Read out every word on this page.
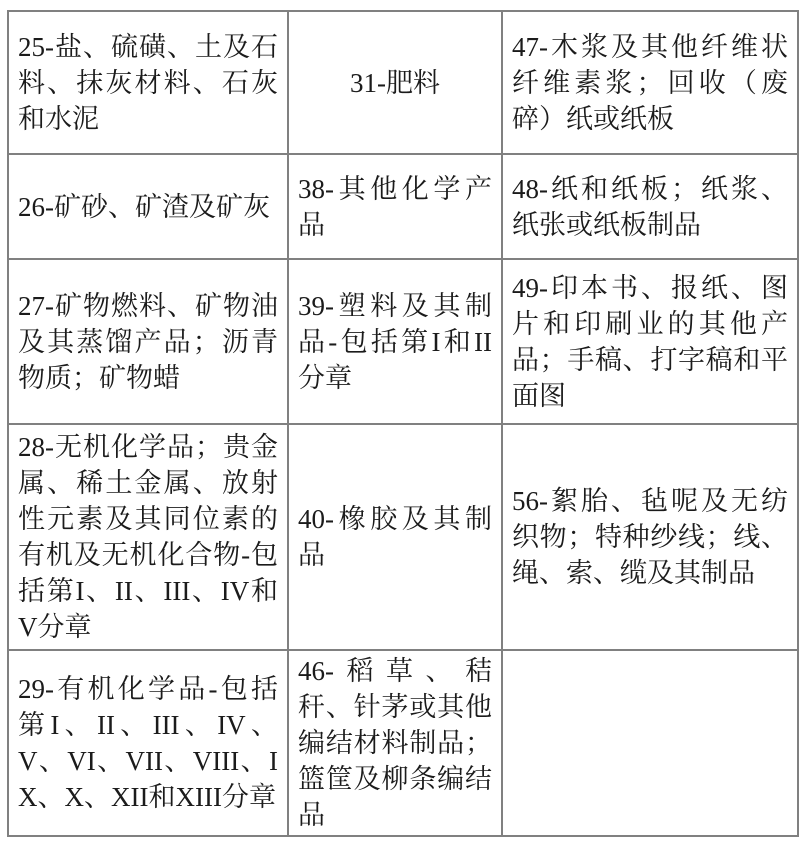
25-盐、硫磺、土及石料、抹灰材料、石灰和水泥	31-肥料	47-木浆及其他纤维状纤维素浆；回收（废碎）纸或纸板
26-矿砂、矿渣及矿灰	38-其他化学产品	48-纸和纸板；纸浆、纸张或纸板制品
27-矿物燃料、矿物油及其蒸馏产品；沥青物质；矿物蜡	39-塑料及其制品-包括第I和II分章	49-印本书、报纸、图片和印刷业的其他产品；手稿、打字稿和平面图
28-无机化学品；贵金属、稀土金属、放射性元素及其同位素的有机及无机化合物-包括第I、II、III、IV和V分章	40-橡胶及其制品	56-絮胎、毡呢及无纺织物；特种纱线；线、绳、索、缆及其制品
29-有机化学品-包括第I、II、III、IV、V、VI、VII、VIII、IX、X、XII和XIII分章	46-稻草、秸秆、针茅或其他编结材料制品；篮筐及柳条编结品	
